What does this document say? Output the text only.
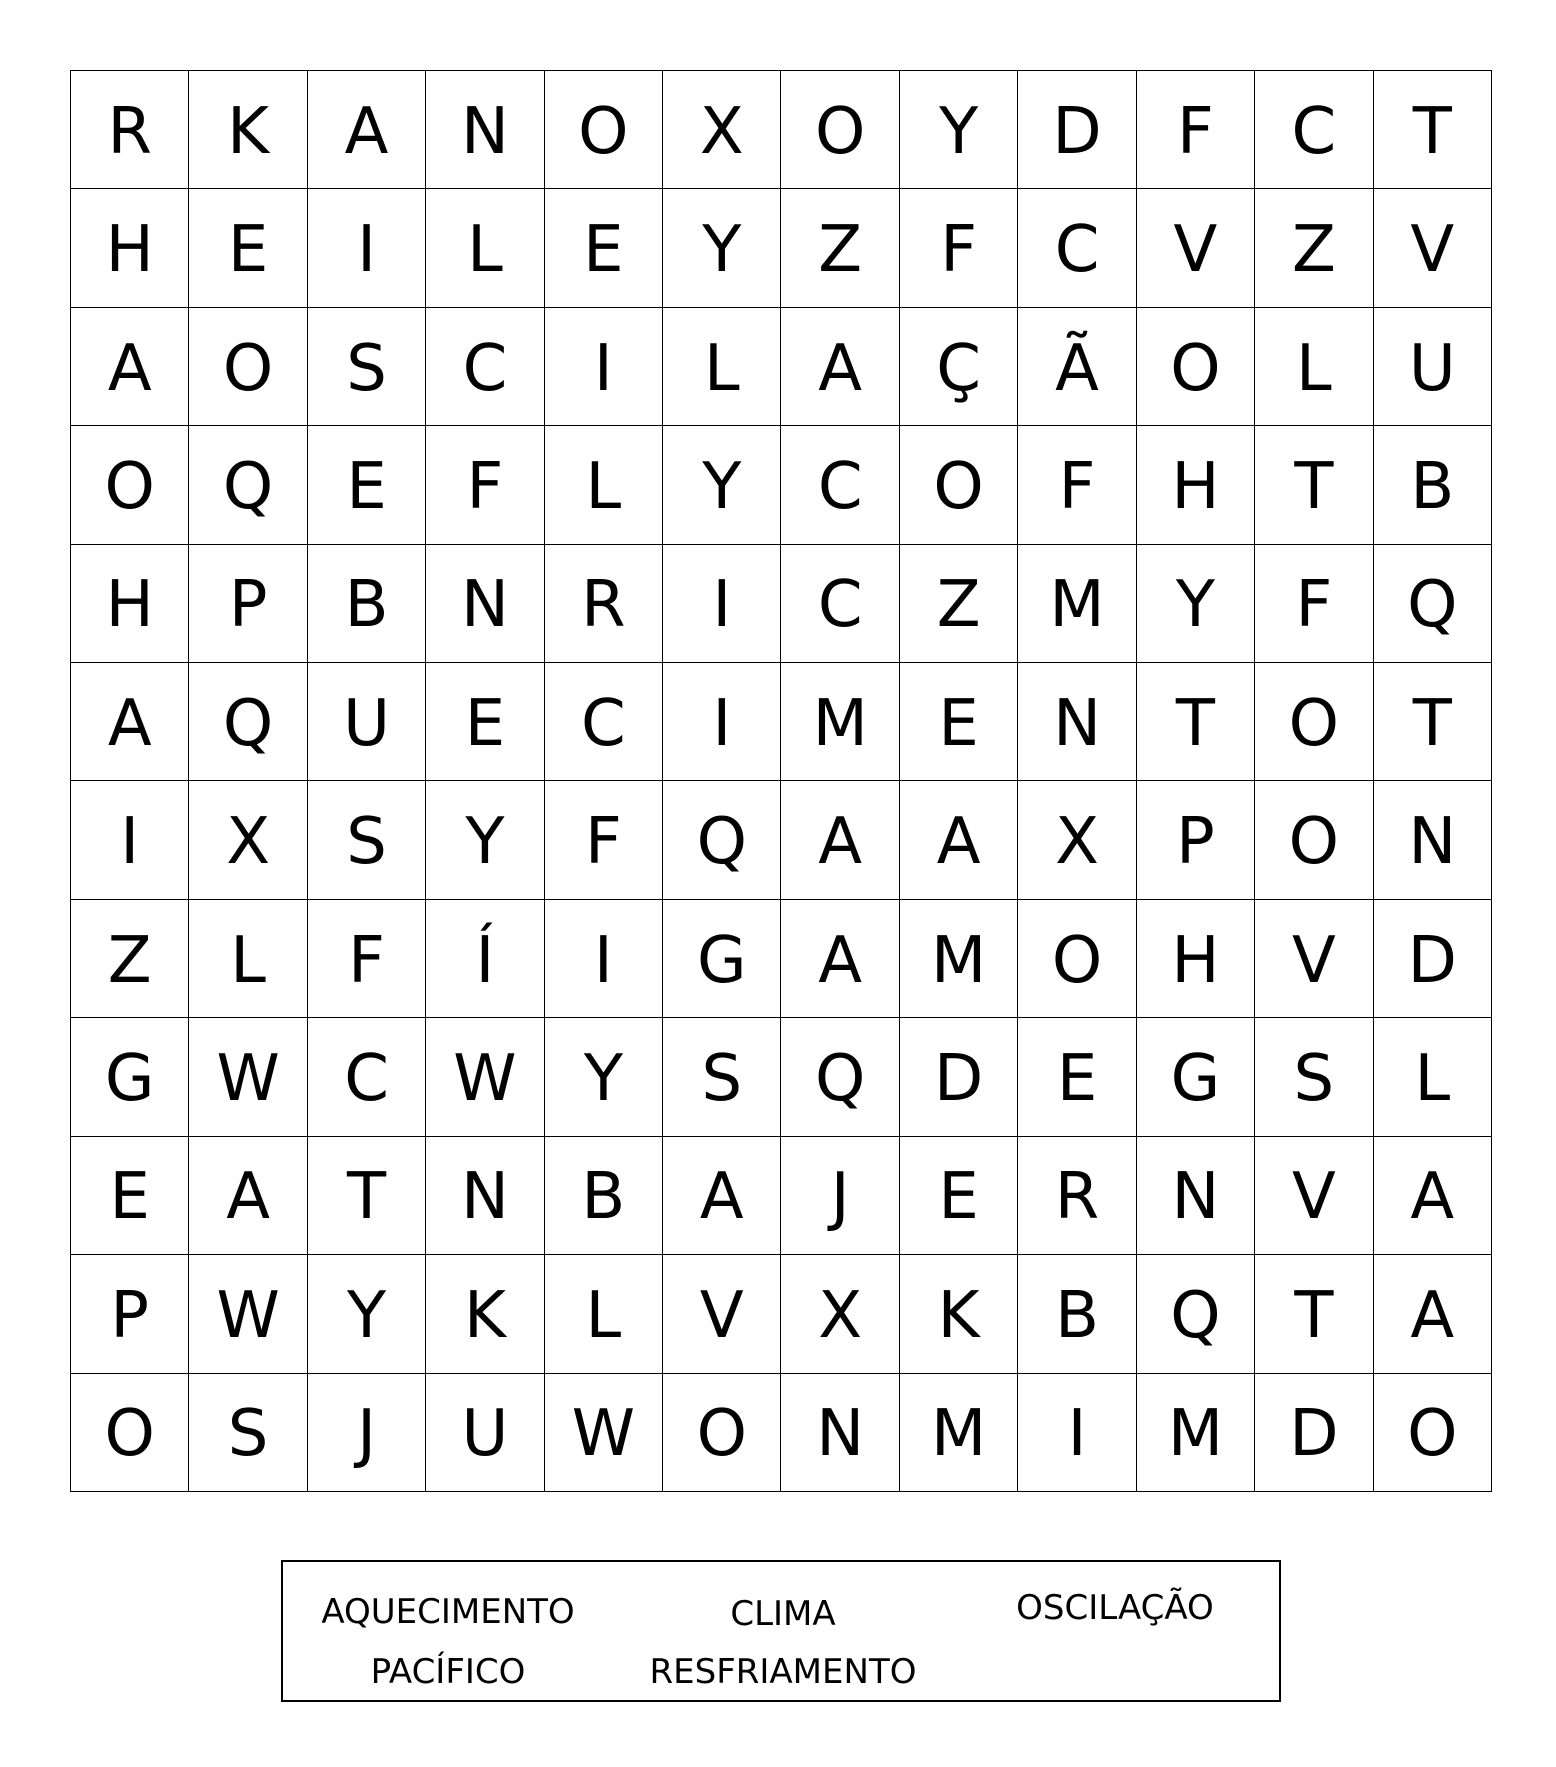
R	K	A	N	O	X	O	Y	D	F	C	T
H	E	I	L	E	Y	Z	F	C	V	Z	V
A	O	S	C	I	L	A	Ç	Ã	O	L	U
O	Q	E	F	L	Y	C	O	F	H	T	B
H	P	B	N	R	I	C	Z	M	Y	F	Q
A	Q	U	E	C	I	M	E	N	T	O	T
I	X	S	Y	F	Q	A	A	X	P	O	N
Z	L	F	Í	I	G	A	M	O	H	V	D
G W	C	W	Y	S	Q	D	E	G	S	L
E	A	T	N	B	A	J	E	R	N	V	A
P	W	Y	K	L	V	X	K	B	Q	T	A
O	S	J	U W O	N	M	I	M	D	O
AQUECIMENTO	CLIMA	OSCILAÇÃO
PACÍFICO	RESFRIAMENTO
